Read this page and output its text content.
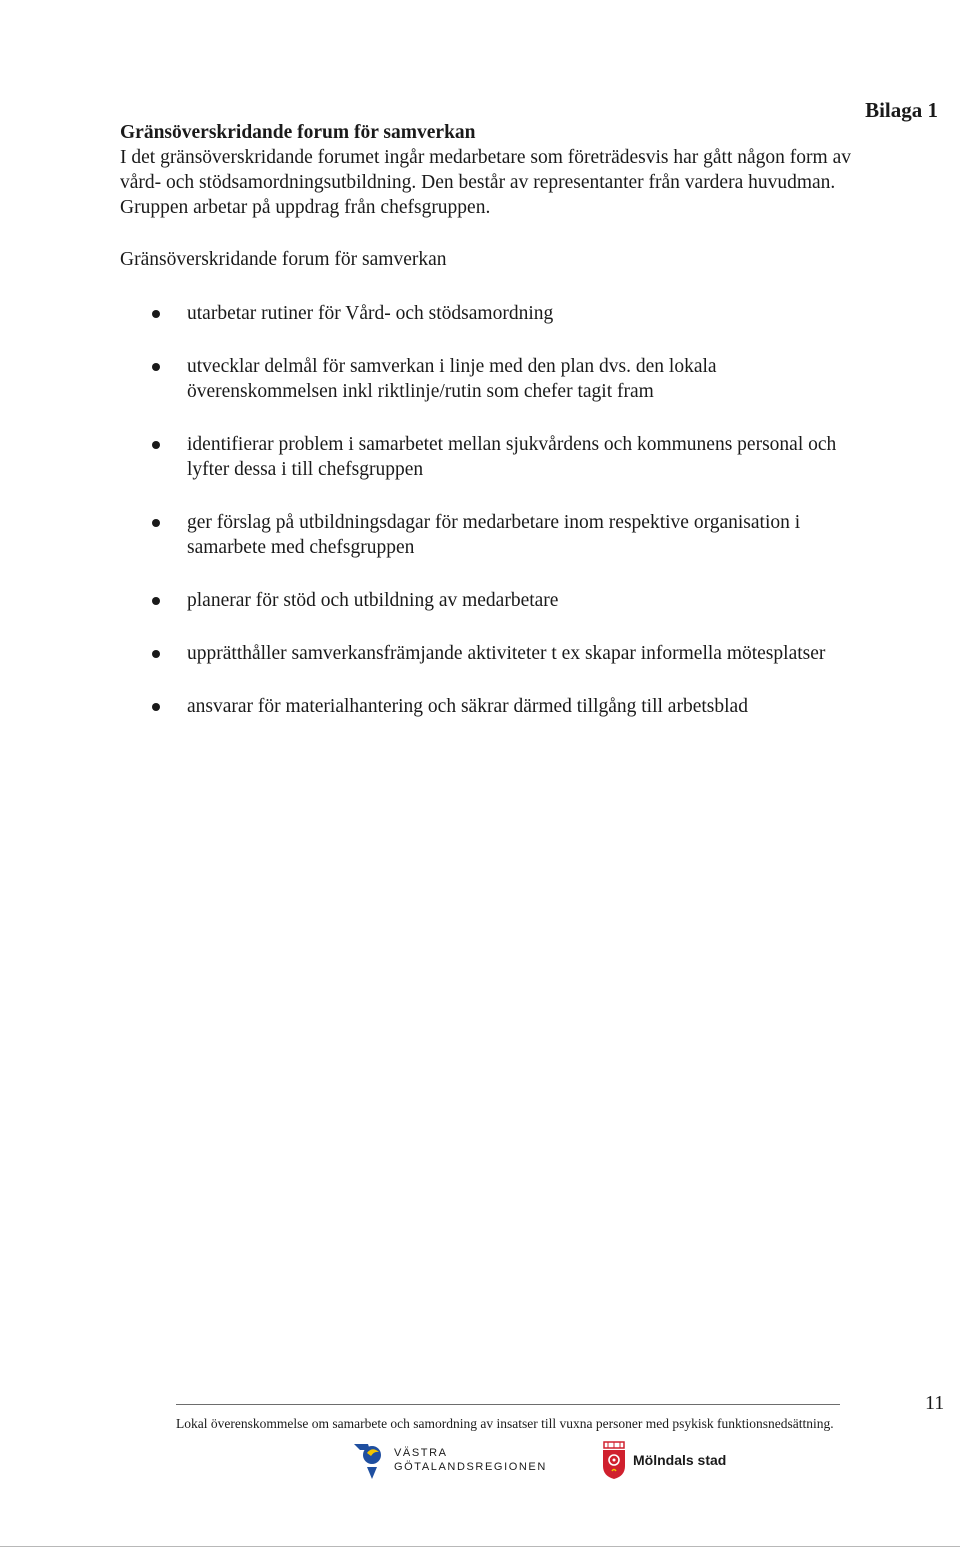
Bilaga 1

Gränsöverskridande forum för samverkan

I det gränsöverskridande forumet ingår medarbetare som företrädesvis har gått någon form av
vård- och stödsamordningsutbildning. Den består av representanter från vardera huvudman.
Gruppen arbetar på uppdrag från chefsgruppen.

Gränsöverskridande forum för samverkan

utarbetar rutiner för Vård- och stödsamordning
utvecklar delmål för samverkan i linje med den plan dvs. den lokala
överenskommelsen inkl riktlinje/rutin som chefer tagit fram
identifierar problem i samarbetet mellan sjukvårdens och kommunens personal och
lyfter dessa i till chefsgruppen
ger förslag på utbildningsdagar för medarbetare inom respektive organisation i
samarbete med chefsgruppen
planerar för stöd och utbildning av medarbetare
upprätthåller samverkansfrämjande aktiviteter t ex skapar informella mötesplatser
ansvarar för materialhantering och säkrar därmed tillgång till arbetsblad
11
Lokal överenskommelse om samarbete och samordning av insatser till vuxna personer med psykisk funktionsnedsättning.
VÄSTRA
GÖTALANDSREGIONEN	Mölndals stad
